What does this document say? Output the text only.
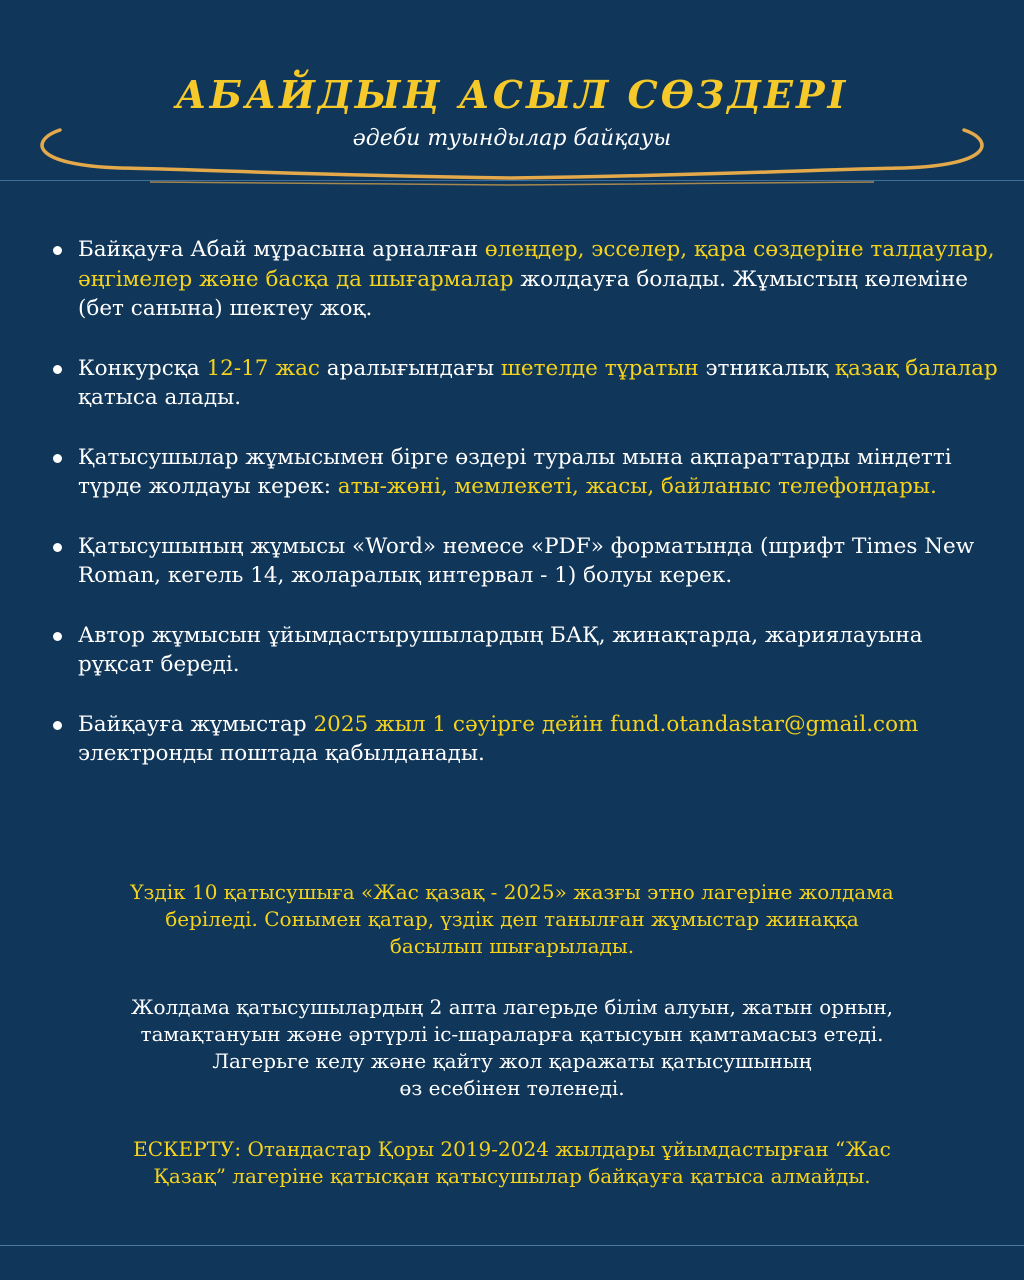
АБАЙДЫҢ АСЫЛ СӨЗДЕРІ
әдеби туындылар байқауы
Байқауға Абай мұрасына арналған өлеңдер, эсселер, қара сөздеріне талдаулар, әңгімелер және басқа да шығармалар жолдауға болады. Жұмыстың көлеміне (бет санына) шектеу жоқ.
Конкурсқа 12-17 жас аралығындағы шетелде тұратын этникалық қазақ балалар қатыса алады.
Қатысушылар жұмысымен бірге өздері туралы мына ақпараттарды міндетті түрде жолдауы керек: аты-жөні, мемлекеті, жасы, байланыс телефондары.
Қатысушының жұмысы «Word» немесе «PDF» форматында (шрифт Times New Roman, кегель 14, жоларалық интервал - 1) болуы керек.
Автор жұмысын ұйымдастырушылардың БАҚ, жинақтарда, жариялауына рұқсат береді.
Байқауға жұмыстар 2025 жыл 1 сәуірге дейін fund.otandastar@gmail.com электронды поштада қабылданады.
Үздік 10 қатысушыға «Жас қазақ - 2025» жазғы этно лагеріне жолдама
беріледі. Сонымен қатар, үздік деп танылған жұмыстар жинаққа
басылып шығарылады.
Жолдама қатысушылардың 2 апта лагерьде білім алуын, жатын орнын,
тамақтануын және әртүрлі іс-шараларға қатысуын қамтамасыз етеді.
Лагерьге келу және қайту жол қаражаты қатысушының
өз есебінен төленеді.
ЕСКЕРТУ: Отандастар Қоры 2019-2024 жылдары ұйымдастырған “Жас
Қазақ” лагеріне қатысқан қатысушылар байқауға қатыса алмайды.
